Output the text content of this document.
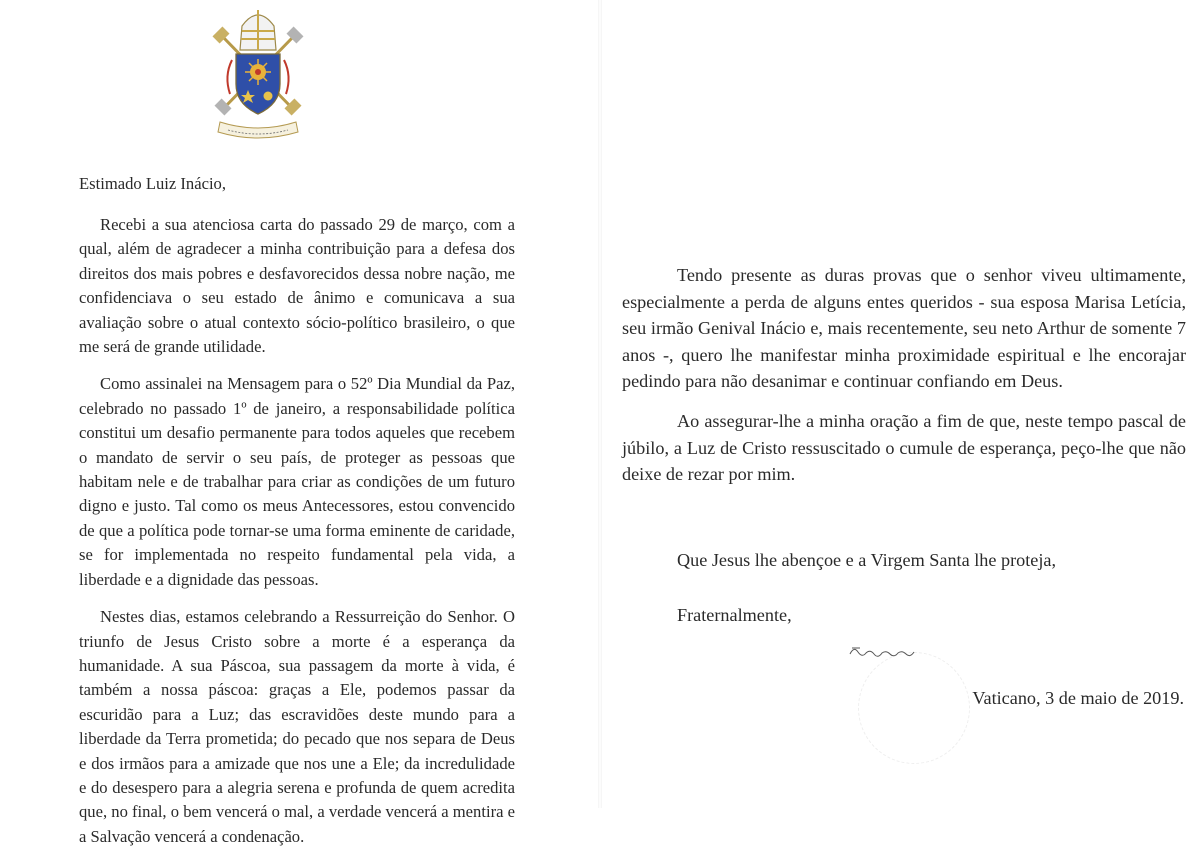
Estimado Luiz Inácio,

Recebi a sua atenciosa carta do passado 29 de março, com a qual, além de agradecer a minha contribuição para a defesa dos direitos dos mais pobres e desfavorecidos dessa nobre nação, me confidenciava o seu estado de ânimo e comunicava a sua avaliação sobre o atual contexto sócio-político brasileiro, o que me será de grande utilidade.

Como assinalei na Mensagem para o 52º Dia Mundial da Paz, celebrado no passado 1º de janeiro, a responsabilidade política constitui um desafio permanente para todos aqueles que recebem o mandato de servir o seu país, de proteger as pessoas que habitam nele e de trabalhar para criar as condições de um futuro digno e justo. Tal como os meus Antecessores, estou convencido de que a política pode tornar-se uma forma eminente de caridade, se for implementada no respeito fundamental pela vida, a liberdade e a dignidade das pessoas.

Nestes dias, estamos celebrando a Ressurreição do Senhor. O triunfo de Jesus Cristo sobre a morte é a esperança da humanidade. A sua Páscoa, sua passagem da morte à vida, é também a nossa páscoa: graças a Ele, podemos passar da escuridão para a Luz; das escravidões deste mundo para a liberdade da Terra prometida; do pecado que nos separa de Deus e dos irmãos para a amizade que nos une a Ele; da incredulidade e do desespero para a alegria serena e profunda de quem acredita que, no final, o bem vencerá o mal, a verdade vencerá a mentira e a Salvação vencerá a condenação.

Tendo presente as duras provas que o senhor viveu ultimamente, especialmente a perda de alguns entes queridos - sua esposa Marisa Letícia, seu irmão Genival Inácio e, mais recentemente, seu neto Arthur de somente 7 anos -, quero lhe manifestar minha proximidade espiritual e lhe encorajar pedindo para não desanimar e continuar confiando em Deus.

Ao assegurar-lhe a minha oração a fim de que, neste tempo pascal de júbilo, a Luz de Cristo ressuscitado o cumule de esperança, peço-lhe que não deixe de rezar por mim.

Que Jesus lhe abençoe e a Virgem Santa lhe proteja,

Fraternalmente,

Vaticano, 3 de maio de 2019.
